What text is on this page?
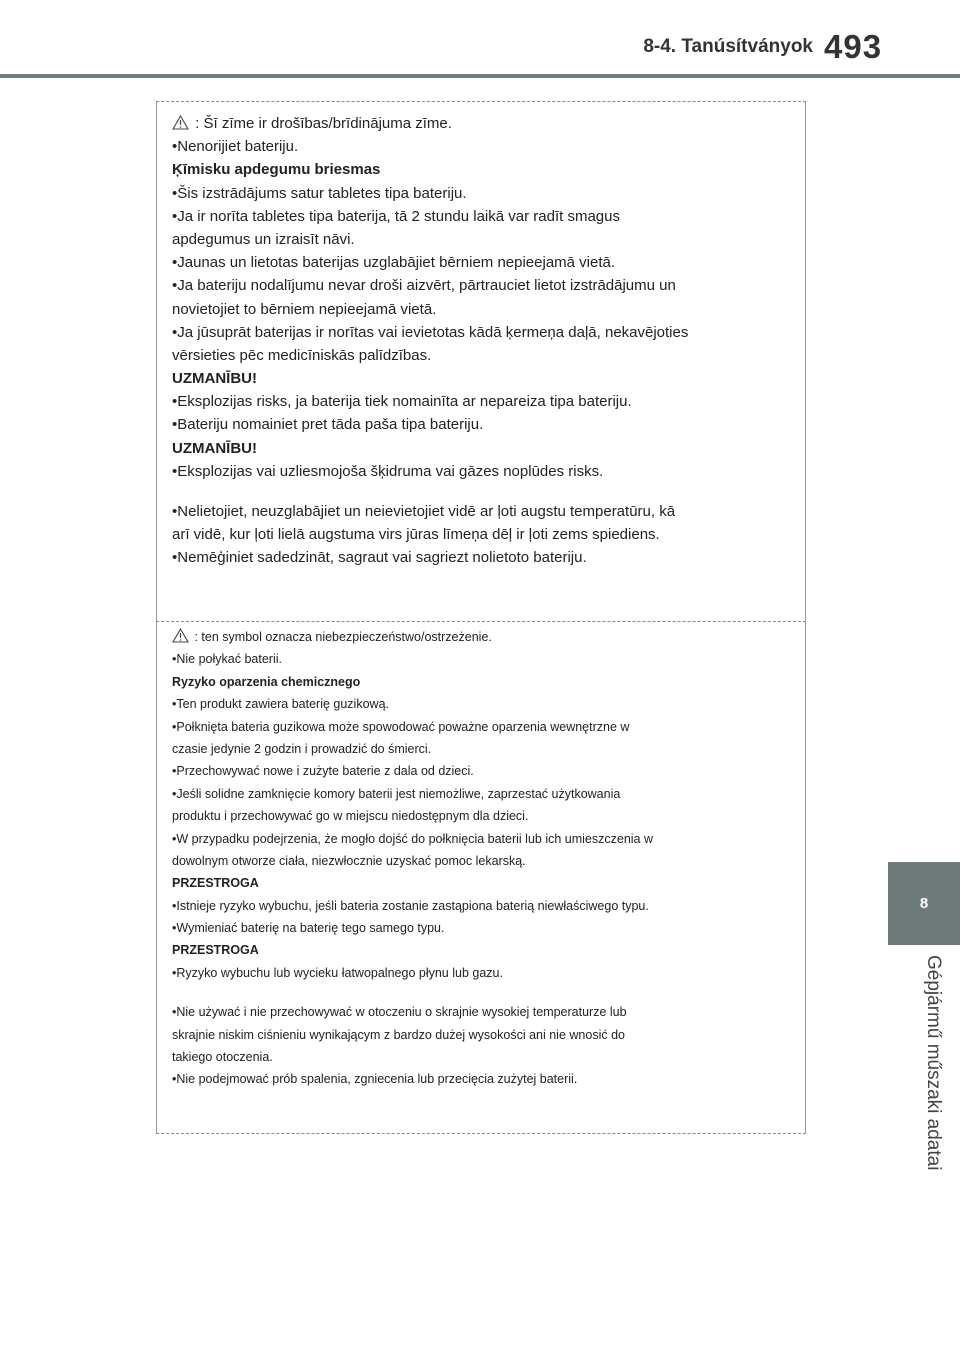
8-4. Tanúsítványok 493
8
Gépjármű műszaki adatai
: Šī zīme ir drošības/brīdinājuma zīme.
•Nenorijiet bateriju.
Ķīmisku apdegumu briesmas
•Šis izstrādājums satur tabletes tipa bateriju.
•Ja ir norīta tabletes tipa baterija, tā 2 stundu laikā var radīt smagus
apdegumus un izraisīt nāvi.
•Jaunas un lietotas baterijas uzglabājiet bērniem nepieejamā vietā.
•Ja bateriju nodalījumu nevar droši aizvērt, pārtrauciet lietot izstrādājumu un
novietojiet to bērniem nepieejamā vietā.
•Ja jūsuprāt baterijas ir norītas vai ievietotas kādā ķermeņa daļā, nekavējoties
vērsieties pēc medicīniskās palīdzības.
UZMANĪBU!
•Eksplozijas risks, ja baterija tiek nomainīta ar nepareiza tipa bateriju.
•Bateriju nomainiet pret tāda paša tipa bateriju.
UZMANĪBU!
•Eksplozijas vai uzliesmojoša šķidruma vai gāzes noplūdes risks.
•Nelietojiet, neuzglabājiet un neievietojiet vidē ar ļoti augstu temperatūru, kā
arī vidē, kur ļoti lielā augstuma virs jūras līmeņa dēļ ir ļoti zems spiediens.
•Nemēģiniet sadedzināt, sagraut vai sagriezt nolietoto bateriju.
: ten symbol oznacza niebezpieczeństwo/ostrzeżenie.
•Nie połykać baterii.
Ryzyko oparzenia chemicznego
•Ten produkt zawiera baterię guzikową.
•Połknięta bateria guzikowa może spowodować poważne oparzenia wewnętrzne w
czasie jedynie 2 godzin i prowadzić do śmierci.
•Przechowywać nowe i zużyte baterie z dala od dzieci.
•Jeśli solidne zamknięcie komory baterii jest niemożliwe, zaprzestać użytkowania
produktu i przechowywać go w miejscu niedostępnym dla dzieci.
•W przypadku podejrzenia, że mogło dojść do połknięcia baterii lub ich umieszczenia w
dowolnym otworze ciała, niezwłocznie uzyskać pomoc lekarską.
PRZESTROGA
•Istnieje ryzyko wybuchu, jeśli bateria zostanie zastąpiona baterią niewłaściwego typu.
•Wymieniać baterię na baterię tego samego typu.
PRZESTROGA
•Ryzyko wybuchu lub wycieku łatwopalnego płynu lub gazu.
•Nie używać i nie przechowywać w otoczeniu o skrajnie wysokiej temperaturze lub
skrajnie niskim ciśnieniu wynikającym z bardzo dużej wysokości ani nie wnosić do
takiego otoczenia.
•Nie podejmować prób spalenia, zgniecenia lub przecięcia zużytej baterii.
